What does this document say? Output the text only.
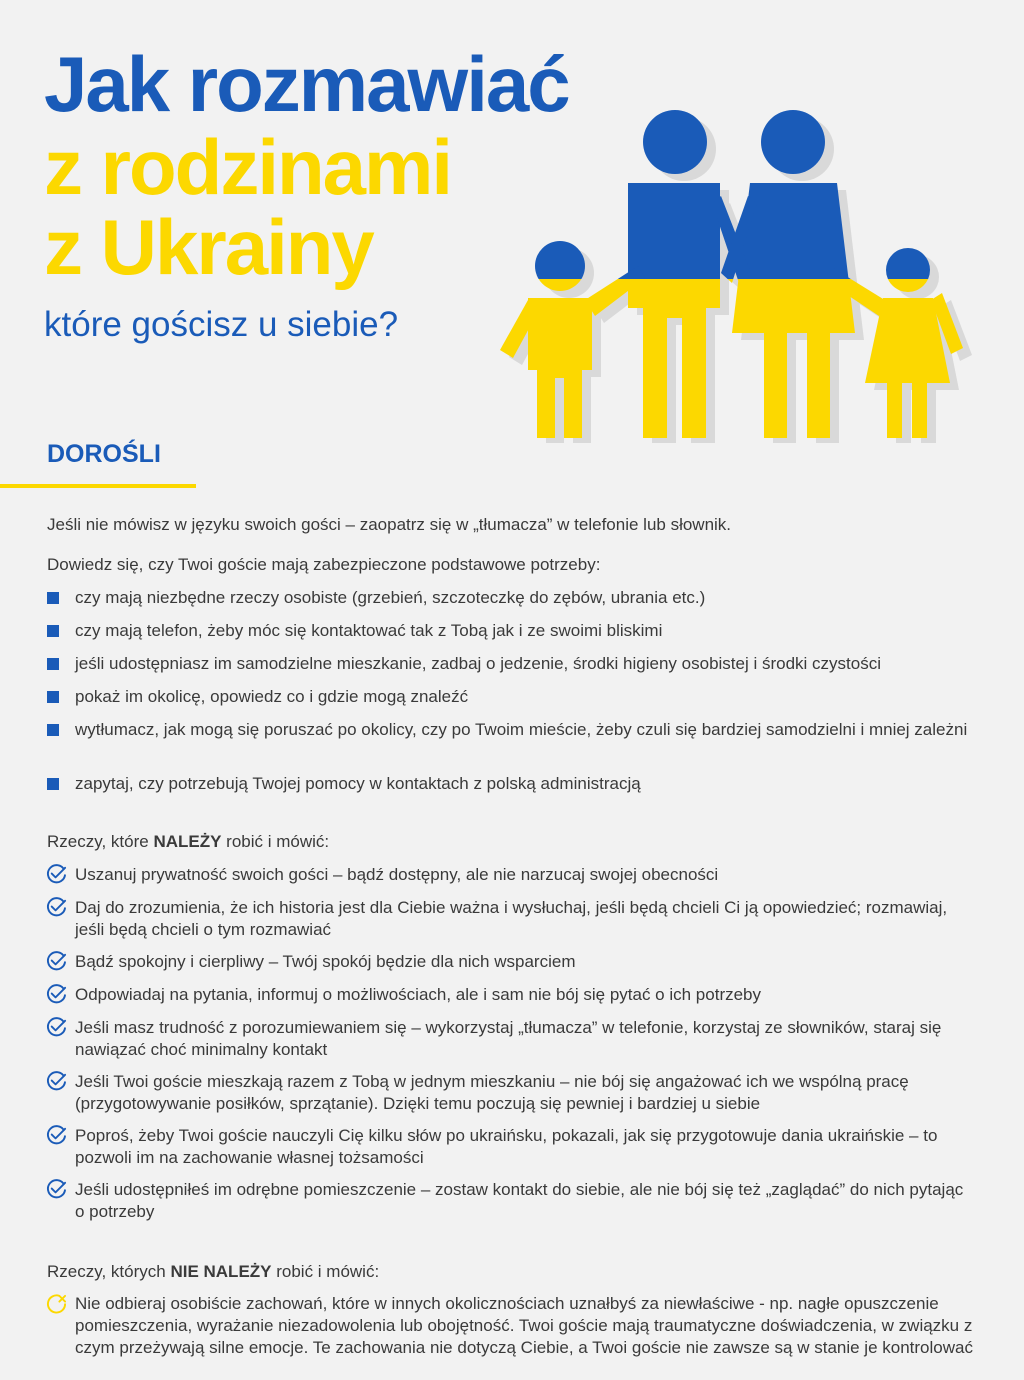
Jak rozmawiać
z rodzinami
z Ukrainy
które gościsz u siebie?
DOROŚLI

Jeśli nie mówisz w języku swoich gości – zaopatrz się w „tłumacza” w telefonie lub słownik.

Dowiedz się, czy Twoi goście mają zabezpieczone podstawowe potrzeby:

czy mają niezbędne rzeczy osobiste (grzebień, szczoteczkę do zębów, ubrania etc.)
czy mają telefon, żeby móc się kontaktować tak z Tobą jak i ze swoimi bliskimi
jeśli udostępniasz im samodzielne mieszkanie, zadbaj o jedzenie, środki higieny osobistej i środki czystości
pokaż im okolicę, opowiedz co i gdzie mogą znaleźć
wytłumacz, jak mogą się poruszać po okolicy, czy po Twoim mieście, żeby czuli się bardziej samodzielni i mniej zależni
zapytaj, czy potrzebują Twojej pomocy w kontaktach z polską administracją

Rzeczy, które NALEŻY robić i mówić:

Uszanuj prywatność swoich gości – bądź dostępny, ale nie narzucaj swojej obecności
Daj do zrozumienia, że ich historia jest dla Ciebie ważna i wysłuchaj, jeśli będą chcieli Ci ją opowiedzieć; rozmawiaj, jeśli będą chcieli o tym rozmawiać
Bądź spokojny i cierpliwy – Twój spokój będzie dla nich wsparciem
Odpowiadaj na pytania, informuj o możliwościach, ale i sam nie bój się pytać o ich potrzeby
Jeśli masz trudność z porozumiewaniem się – wykorzystaj „tłumacza” w telefonie, korzystaj ze słowników, staraj się nawiązać choć minimalny kontakt
Jeśli Twoi goście mieszkają razem z Tobą w jednym mieszkaniu – nie bój się angażować ich we wspólną pracę (przygotowywanie posiłków, sprzątanie). Dzięki temu poczują się pewniej i bardziej u siebie
Poproś, żeby Twoi goście nauczyli Cię kilku słów po ukraińsku, pokazali, jak się przygotowuje dania ukraińskie – to pozwoli im na zachowanie własnej tożsamości
Jeśli udostępniłeś im odrębne pomieszczenie – zostaw kontakt do siebie, ale nie bój się też „zaglądać” do nich pytając o potrzeby

Rzeczy, których NIE NALEŻY robić i mówić:

Nie odbieraj osobiście zachowań, które w innych okolicznościach uznałbyś za niewłaściwe - np. nagłe opuszczenie pomieszczenia, wyrażanie niezadowolenia lub obojętność. Twoi goście mają traumatyczne doświadczenia, w związku z czym przeżywają silne emocje. Te zachowania nie dotyczą Ciebie, a Twoi goście nie zawsze są w stanie je kontrolować
